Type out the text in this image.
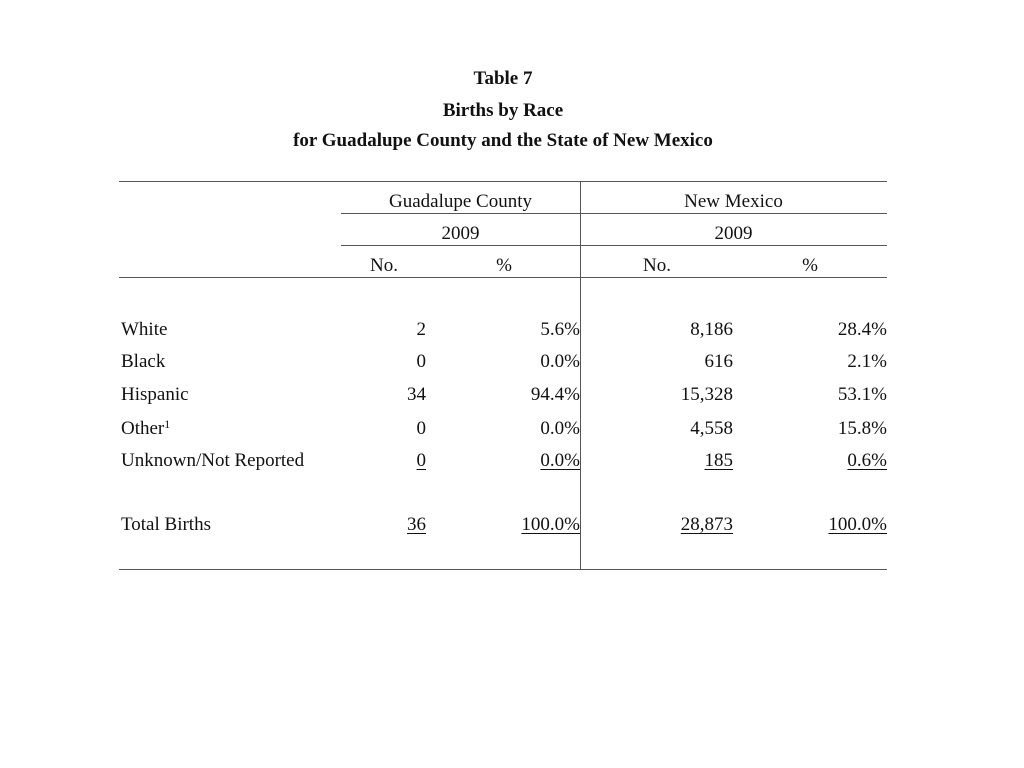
Table 7
Births by Race
for Guadalupe County and the State of New Mexico
Guadalupe County	New Mexico
2009	2009
No.	%	No.	%
White	2	5.6%	8,186	28.4%
Black	0	0.0%	616	2.1%
Hispanic	34	94.4%	15,328	53.1%
Other$^1$	0	0.0%	4,558	15.8%
Unknown/Not Reported	0	0.0%	185	0.6%
Total Births	36	100.0%	28,873	100.0%
